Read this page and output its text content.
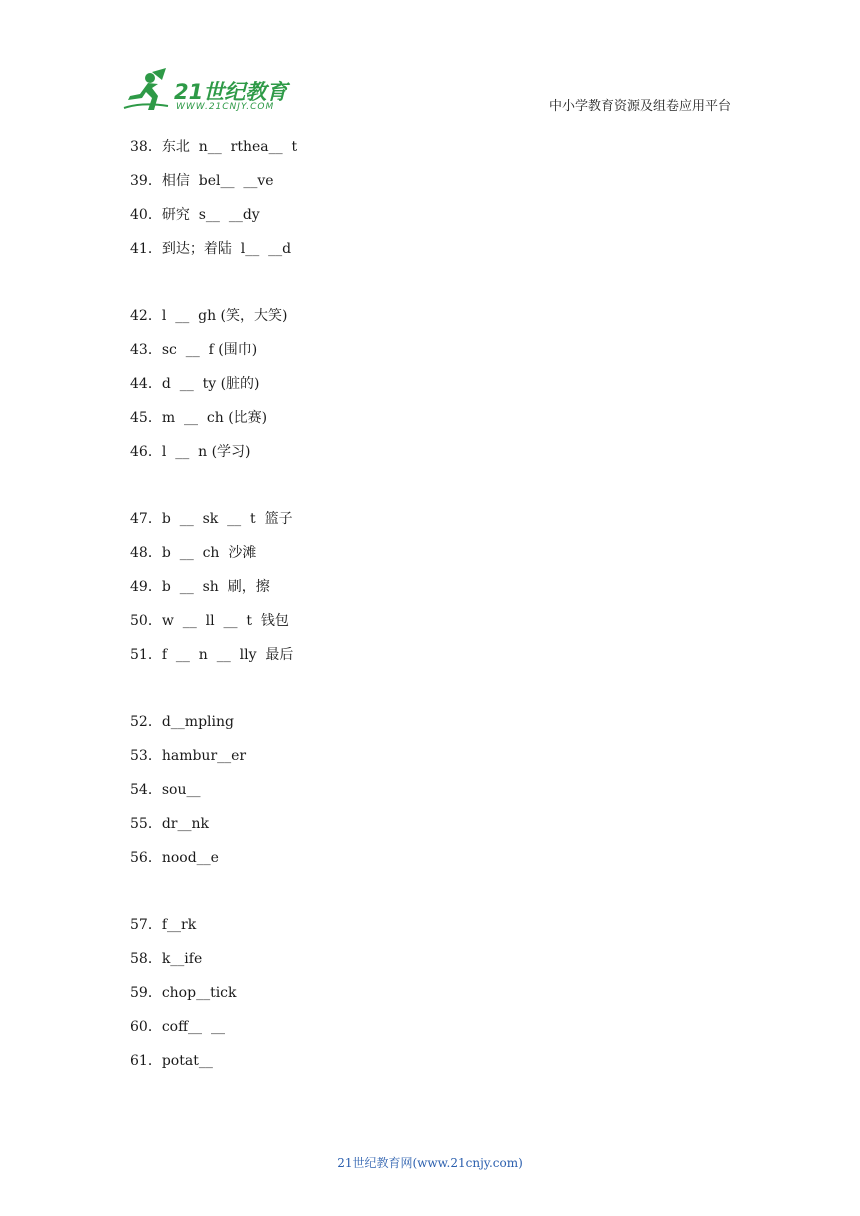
21世纪教育
WWW.21CNJY.COM	中小学教育资源及组卷应用平台
38．东北  n__  rthea__  t
39．相信  bel__  __ve
40．研究  s__  __dy
41．到达；着陆  l__  __d
42．l  __  gh (笑，大笑)
43．sc  __  f (围巾)
44．d  __  ty (脏的)
45．m  __  ch (比赛)
46．l  __  n (学习)
47．b  __  sk  __  t  篮子
48．b  __  ch  沙滩
49．b  __  sh  刷，擦
50．w  __  ll  __  t  钱包
51．f  __  n  __  lly  最后
52．d__mpling
53．hambur__er
54．sou__
55．dr__nk
56．nood__e
57．f__rk
58．k__ife
59．chop__tick
60．coff__  __
61．potat__
21世纪教育网(www.21cnjy.com)
